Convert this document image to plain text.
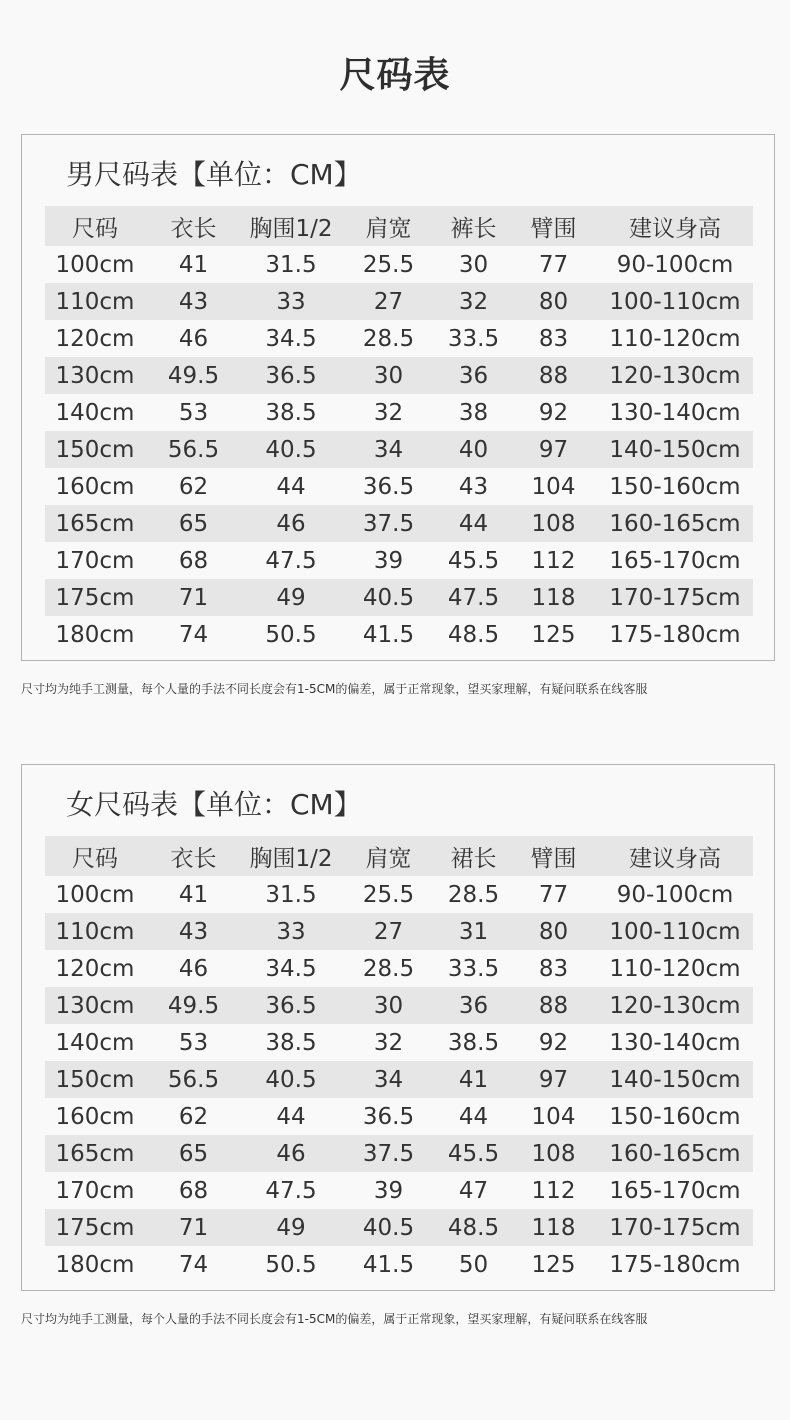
尺码表
男尺码表【单位：CM】
尺码	衣长	胸围1/2	肩宽	裤长	臂围	建议身高
100cm	41	31.5	25.5	30	77	90-100cm
110cm	43	33	27	32	80	100-110cm
120cm	46	34.5	28.5	33.5	83	110-120cm
130cm	49.5	36.5	30	36	88	120-130cm
140cm	53	38.5	32	38	92	130-140cm
150cm	56.5	40.5	34	40	97	140-150cm
160cm	62	44	36.5	43	104	150-160cm
165cm	65	46	37.5	44	108	160-165cm
170cm	68	47.5	39	45.5	112	165-170cm
175cm	71	49	40.5	47.5	118	170-175cm
180cm	74	50.5	41.5	48.5	125	175-180cm
尺寸均为纯手工测量，每个人量的手法不同长度会有1-5CM的偏差，属于正常现象，望买家理解，有疑问联系在线客服
女尺码表【单位：CM】
尺码	衣长	胸围1/2	肩宽	裙长	臂围	建议身高
100cm	41	31.5	25.5	28.5	77	90-100cm
110cm	43	33	27	31	80	100-110cm
120cm	46	34.5	28.5	33.5	83	110-120cm
130cm	49.5	36.5	30	36	88	120-130cm
140cm	53	38.5	32	38.5	92	130-140cm
150cm	56.5	40.5	34	41	97	140-150cm
160cm	62	44	36.5	44	104	150-160cm
165cm	65	46	37.5	45.5	108	160-165cm
170cm	68	47.5	39	47	112	165-170cm
175cm	71	49	40.5	48.5	118	170-175cm
180cm	74	50.5	41.5	50	125	175-180cm
尺寸均为纯手工测量，每个人量的手法不同长度会有1-5CM的偏差，属于正常现象，望买家理解，有疑问联系在线客服
